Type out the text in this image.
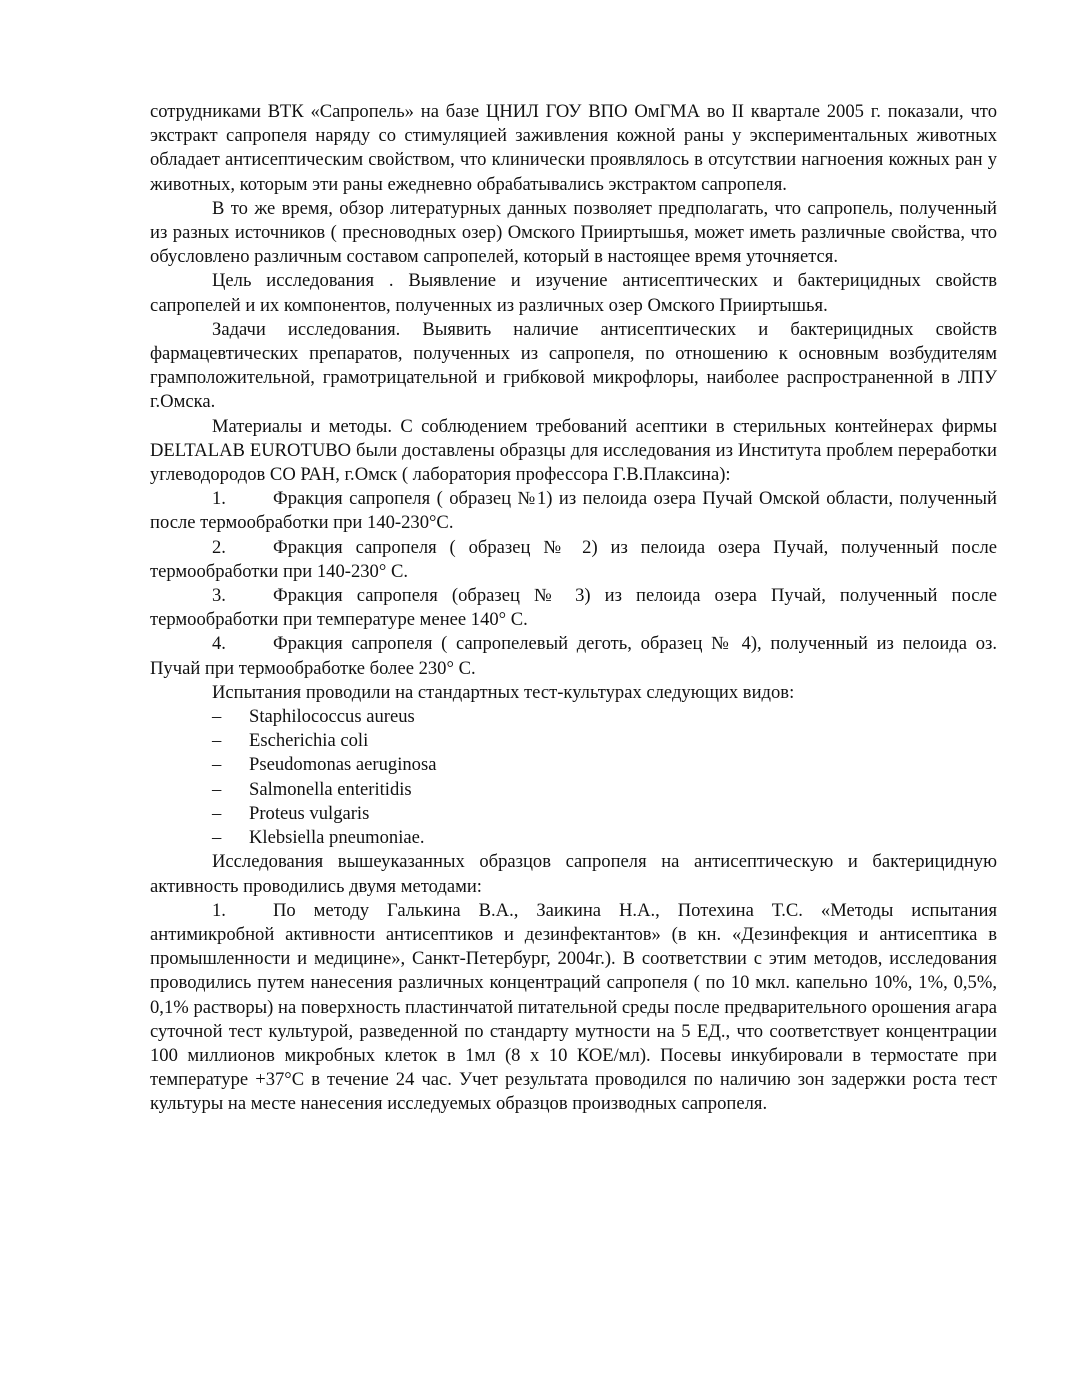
сотрудниками ВТК «Сапропель» на базе ЦНИЛ ГОУ ВПО ОмГМА во II квартале 2005 г. показали, что экстракт сапропеля наряду со стимуляцией заживления кожной раны у экспериментальных животных обладает антисептическим свойством, что клинически проявлялось в отсутствии нагноения кожных ран у животных, которым эти раны ежедневно обрабатывались экстрактом сапропеля.

В то же время, обзор литературных данных позволяет предполагать, что сапропель, полученный из разных источников ( пресноводных озер) Омского Прииртышья, может иметь различные свойства, что обусловлено различным составом сапропелей, который в настоящее время уточняется.

Цель исследования . Выявление и изучение антисептических и бактерицидных свойств сапропелей и их компонентов, полученных из различных озер Омского Прииртышья.

Задачи исследования. Выявить наличие антисептических и бактерицидных свойств фармацевтических препаратов, полученных из сапропеля, по отношению к основным возбудителям грамположительной, грамотрицательной и грибковой микрофлоры, наиболее распространенной в ЛПУ г.Омска.

Материалы и методы. С соблюдением требований асептики в стерильных контейнерах фирмы DELTALAB EUROTUBO были доставлены образцы для исследования из Института проблем переработки углеводородов СО РАН, г.Омск ( лаборатория профессора Г.В.Плаксина):

1.	Фракция сапропеля ( образец №1) из пелоида озера Пучай Омской области, полученный после термообработки при 140-230°С.

2.	Фракция сапропеля ( образец № 2) из пелоида озера Пучай, полученный после термообработки при 140-230° С.

3.	Фракция сапропеля (образец № 3) из пелоида озера Пучай, полученный после термообработки при температуре менее 140° С.

4.	Фракция сапропеля ( сапропелевый деготь, образец № 4), полученный из пелоида оз. Пучай при термообработке более 230° С.

Испытания проводили на стандартных тест-культурах следующих видов:

– Staphilococcus aureus
– Escherichia coli
– Pseudomonas aeruginosa
– Salmonella enteritidis
– Proteus vulgaris
– Klebsiella pneumoniae.

Исследования вышеуказанных образцов сапропеля на антисептическую и бактерицидную активность проводились двумя методами:

1.	По методу Галькина В.А., Заикина Н.А., Потехина Т.С. «Методы испытания антимикробной активности антисептиков и дезинфектантов» (в кн. «Дезинфекция и антисептика в промышленности и медицине», Санкт-Петербург, 2004г.). В соответствии с этим методов, исследования проводились путем нанесения различных концентраций сапропеля ( по 10 мкл. капельно 10%, 1%, 0,5%, 0,1% растворы) на поверхность пластинчатой питательной среды после предварительного орошения агара суточной тест культурой, разведенной по стандарту мутности на 5 ЕД., что соответствует концентрации 100 миллионов микробных клеток в 1мл (8 х 10 КОЕ/мл). Посевы инкубировали в термостате при температуре +37°С в течение 24 час. Учет результата проводился по наличию зон задержки роста тест культуры на месте нанесения исследуемых образцов производных сапропеля.
